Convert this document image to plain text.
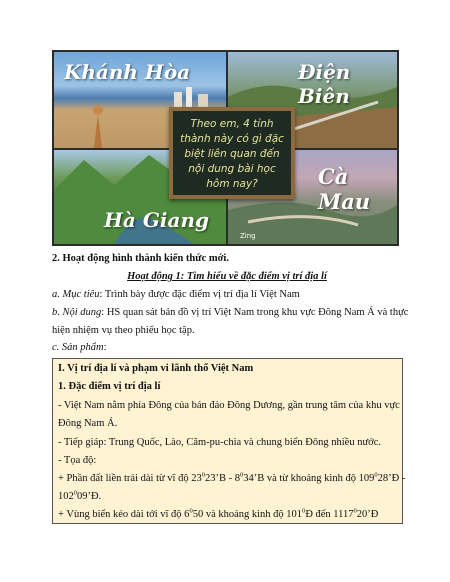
Khánh Hòa	Điện Biên
Hà Giang
Cà Mau
Zing
Theo em, 4 tỉnh thành này có gì đặc biệt liên quan đến nội dung bài học hôm nay?
2. Hoạt động hình thành kiến thức mới.
Hoạt động 1: Tìm hiểu về đặc điểm vị trí địa lí
a. Mục tiêu: Trình bày được đặc điểm vị trí địa lí Việt Nam
b. Nội dung: HS quan sát bản đồ vị trí Việt Nam trong khu vực Đông Nam Á và thực
hiện nhiệm vụ theo phiếu học tập.
c. Sản phẩm:
I. Vị trí địa lí và phạm vi lãnh thổ Việt Nam
1. Đặc điểm vị trí địa lí
- Việt Nam nằm phía Đông của bán đảo Đông Dương, gần trung tâm của khu vực
Đông Nam Á.
- Tiếp giáp: Trung Quốc, Lào, Căm-pu-chia và chung biển Đông nhiều nước.
- Tọa độ:
+ Phần đất liền trải dài từ vĩ độ $23^023’B$ - $8^034’B$ và từ khoảng kinh độ $109^028’Đ$ -
$102^009’Đ$.
+ Vùng biển kéo dài tới vĩ độ $6^050$ và khoảng kinh độ $101^0Đ$ đến 1117$^0$20’Đ
